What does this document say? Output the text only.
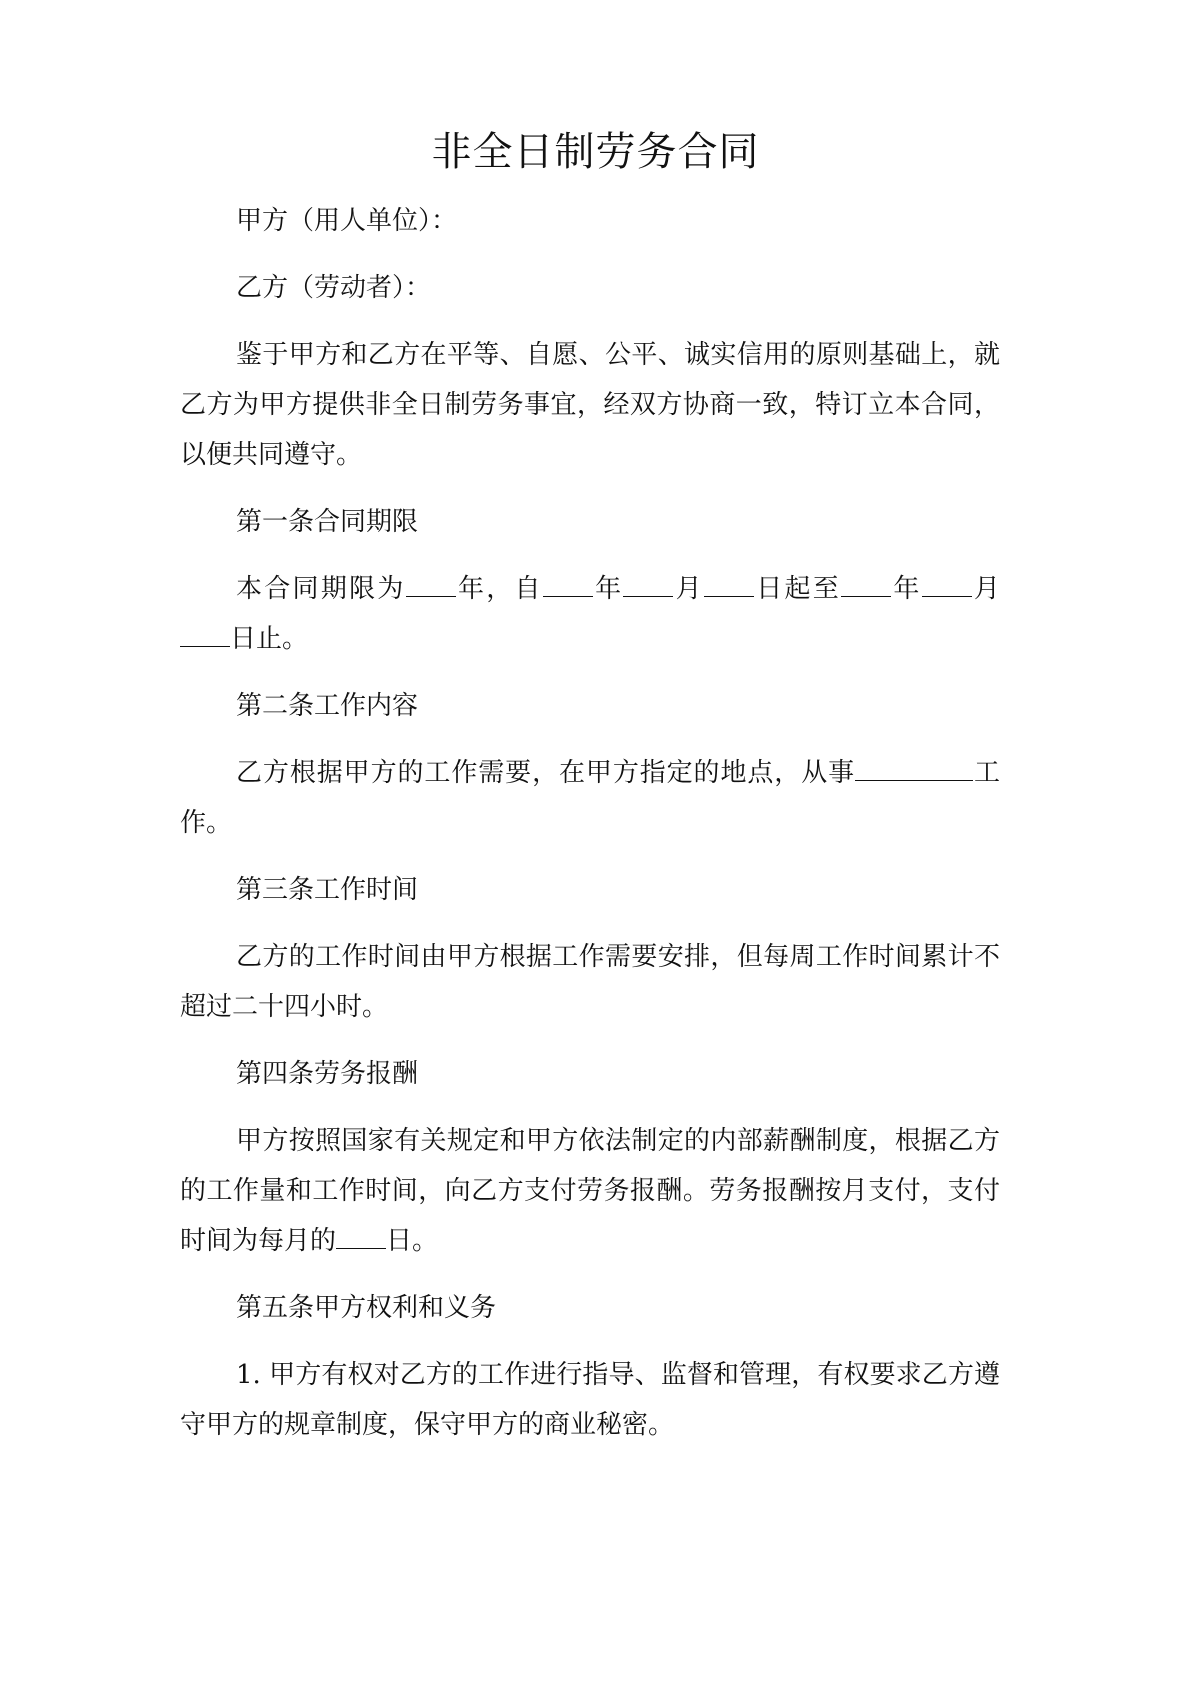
非全日制劳务合同

甲方（用人单位）：

乙方（劳动者）：

鉴于甲方和乙方在平等、自愿、公平、诚实信用的原则基础上，就乙方为甲方提供非全日制劳务事宜，经双方协商一致，特订立本合同，以便共同遵守。

第一条合同期限

本合同期限为 年，自 年 月 日起至 年 月日止。

第二条工作内容

乙方根据甲方的工作需要，在甲方指定的地点，从事	工作。

第三条工作时间

乙方的工作时间由甲方根据工作需要安排，但每周工作时间累计不超过二十四小时。

第四条劳务报酬

甲方按照国家有关规定和甲方依法制定的内部薪酬制度，根据乙方的工作量和工作时间，向乙方支付劳务报酬。劳务报酬按月支付，支付时间为每月的 日。

第五条甲方权利和义务

1. 甲方有权对乙方的工作进行指导、监督和管理，有权要求乙方遵守甲方的规章制度，保守甲方的商业秘密。
